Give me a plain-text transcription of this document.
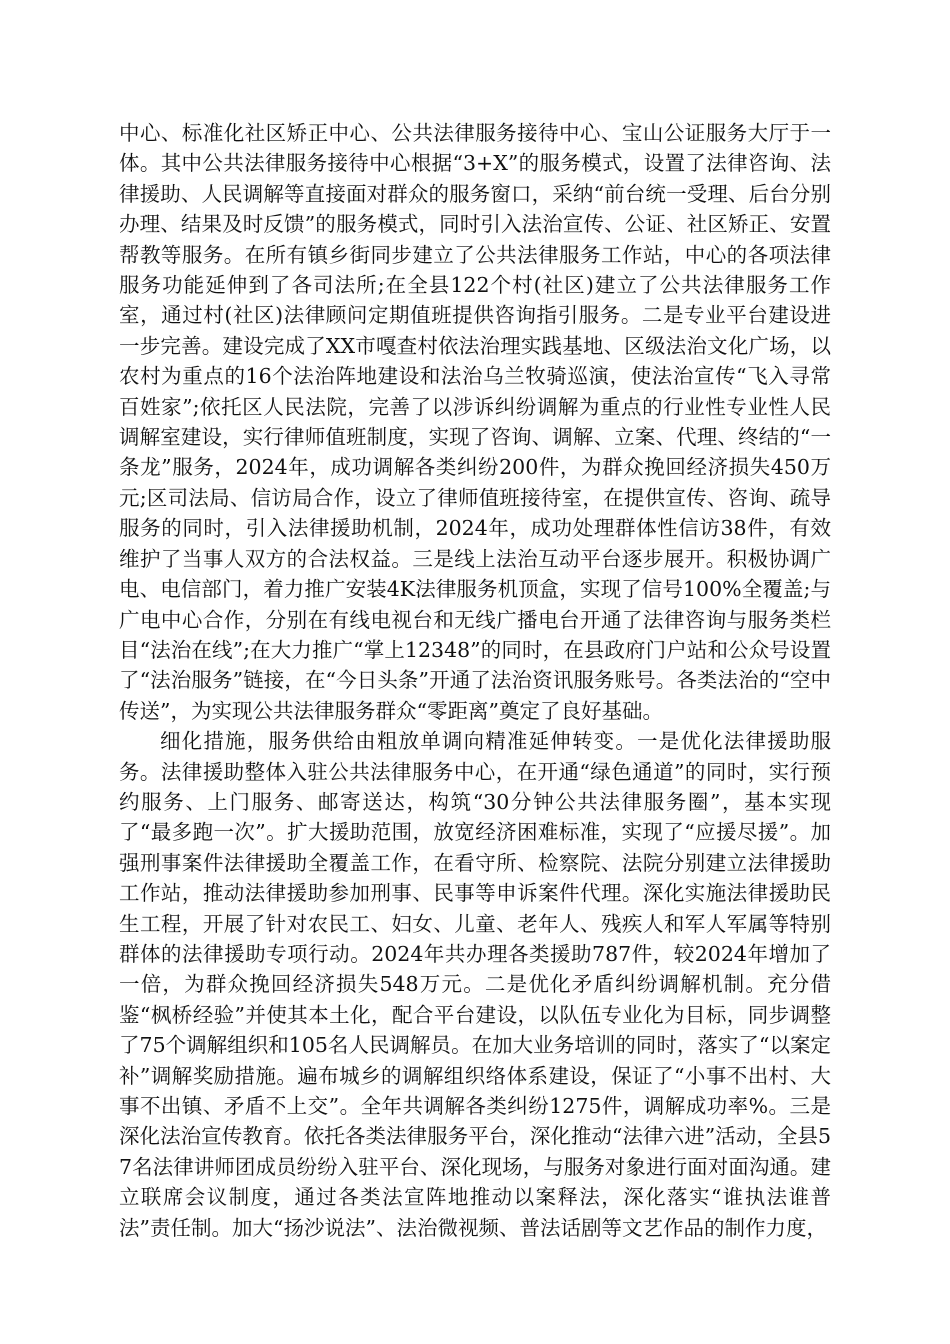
中心、标准化社区矫正中心、公共法律服务接待中心、宝山公证服务大厅于一体。其中公共法律服务接待中心根据“3+X”的服务模式，设置了法律咨询、法律援助、人民调解等直接面对群众的服务窗口，采纳“前台统一受理、后台分别办理、结果及时反馈”的服务模式，同时引入法治宣传、公证、社区矫正、安置帮教等服务。在所有镇乡街同步建立了公共法律服务工作站，中心的各项法律服务功能延伸到了各司法所;在全县122个村(社区)建立了公共法律服务工作室，通过村(社区)法律顾问定期值班提供咨询指引服务。二是专业平台建设进一步完善。建设完成了XX市嘎查村依法治理实践基地、区级法治文化广场，以农村为重点的16个法治阵地建设和法治乌兰牧骑巡演，使法治宣传“飞入寻常百姓家”;依托区人民法院，完善了以涉诉纠纷调解为重点的行业性专业性人民调解室建设，实行律师值班制度，实现了咨询、调解、立案、代理、终结的“一条龙”服务，2024年，成功调解各类纠纷200件，为群众挽回经济损失450万元;区司法局、信访局合作，设立了律师值班接待室，在提供宣传、咨询、疏导服务的同时，引入法律援助机制，2024年，成功处理群体性信访38件，有效维护了当事人双方的合法权益。三是线上法治互动平台逐步展开。积极协调广电、电信部门，着力推广安装4K法律服务机顶盒，实现了信号100%全覆盖;与广电中心合作，分别在有线电视台和无线广播电台开通了法律咨询与服务类栏目“法治在线”;在大力推广“掌上12348”的同时，在县政府门户站和公众号设置了“法治服务”链接，在“今日头条”开通了法治资讯服务账号。各类法治的“空中传送”，为实现公共法律服务群众“零距离”奠定了良好基础。

细化措施，服务供给由粗放单调向精准延伸转变。一是优化法律援助服务。法律援助整体入驻公共法律服务中心，在开通“绿色通道”的同时，实行预约服务、上门服务、邮寄送达，构筑“30分钟公共法律服务圈”，基本实现了“最多跑一次”。扩大援助范围，放宽经济困难标准，实现了“应援尽援”。加强刑事案件法律援助全覆盖工作，在看守所、检察院、法院分别建立法律援助工作站，推动法律援助参加刑事、民事等申诉案件代理。深化实施法律援助民生工程，开展了针对农民工、妇女、儿童、老年人、残疾人和军人军属等特别群体的法律援助专项行动。2024年共办理各类援助787件，较2024年增加了一倍，为群众挽回经济损失548万元。二是优化矛盾纠纷调解机制。充分借鉴“枫桥经验”并使其本土化，配合平台建设，以队伍专业化为目标，同步调整了75个调解组织和105名人民调解员。在加大业务培训的同时，落实了“以案定补”调解奖励措施。遍布城乡的调解组织络体系建设，保证了“小事不出村、大事不出镇、矛盾不上交”。全年共调解各类纠纷1275件，调解成功率%。三是深化法治宣传教育。依托各类法律服务平台，深化推动“法律六进”活动，全县57名法律讲师团成员纷纷入驻平台、深化现场，与服务对象进行面对面沟通。建立联席会议制度，通过各类法宣阵地推动以案释法，深化落实“谁执法谁普法”责任制。加大“扬沙说法”、法治微视频、普法话剧等文艺作品的制作力度，
